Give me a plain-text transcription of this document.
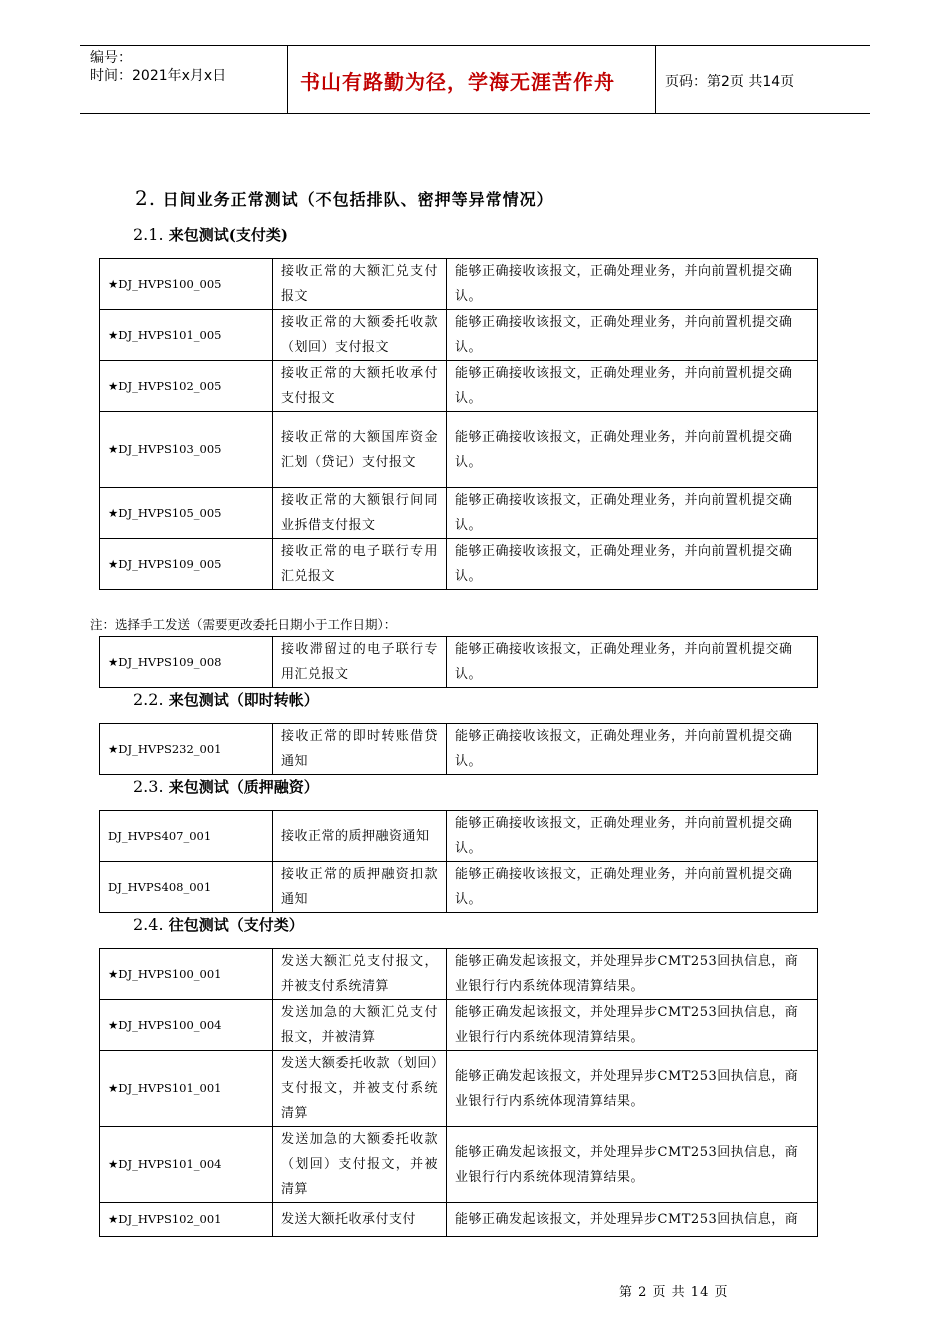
编号：
时间：2021年x月x日	书山有路勤为径，学海无涯苦作舟	页码：第2页 共14页
2. 日间业务正常测试（不包括排队、密押等异常情况）
2.1. 来包测试(支付类)
★DJ_HVPS100_005	接收正常的大额汇兑支付报文	能够正确接收该报文，正确处理业务，并向前置机提交确认。
★DJ_HVPS101_005	接收正常的大额委托收款（划回）支付报文	能够正确接收该报文，正确处理业务，并向前置机提交确认。
★DJ_HVPS102_005	接收正常的大额托收承付支付报文	能够正确接收该报文，正确处理业务，并向前置机提交确认。
★DJ_HVPS103_005	接收正常的大额国库资金汇划（贷记）支付报文	能够正确接收该报文，正确处理业务，并向前置机提交确认。
★DJ_HVPS105_005	接收正常的大额银行间同业拆借支付报文	能够正确接收该报文，正确处理业务，并向前置机提交确认。
★DJ_HVPS109_005	接收正常的电子联行专用汇兑报文	能够正确接收该报文，正确处理业务，并向前置机提交确认。
注：选择手工发送（需要更改委托日期小于工作日期）：
★DJ_HVPS109_008	接收滞留过的电子联行专用汇兑报文	能够正确接收该报文，正确处理业务，并向前置机提交确认。
2.2. 来包测试（即时转帐）
★DJ_HVPS232_001	接收正常的即时转账借贷通知	能够正确接收该报文，正确处理业务，并向前置机提交确认。
2.3. 来包测试（质押融资）
DJ_HVPS407_001	接收正常的质押融资通知	能够正确接收该报文，正确处理业务，并向前置机提交确认。
DJ_HVPS408_001	接收正常的质押融资扣款通知	能够正确接收该报文，正确处理业务，并向前置机提交确认。
2.4. 往包测试（支付类）
★DJ_HVPS100_001	发送大额汇兑支付报文，并被支付系统清算	能够正确发起该报文，并处理异步CMT253回执信息，商业银行行内系统体现清算结果。
★DJ_HVPS100_004	发送加急的大额汇兑支付报文，并被清算	能够正确发起该报文，并处理异步CMT253回执信息，商业银行行内系统体现清算结果。
★DJ_HVPS101_001	发送大额委托收款（划回）支付报文，并被支付系统清算	能够正确发起该报文，并处理异步CMT253回执信息，商业银行行内系统体现清算结果。
★DJ_HVPS101_004	发送加急的大额委托收款（划回）支付报文，并被清算	能够正确发起该报文，并处理异步CMT253回执信息，商业银行行内系统体现清算结果。
★DJ_HVPS102_001	发送大额托收承付支付	能够正确发起该报文，并处理异步CMT253回执信息，商
第 2 页 共 14 页
